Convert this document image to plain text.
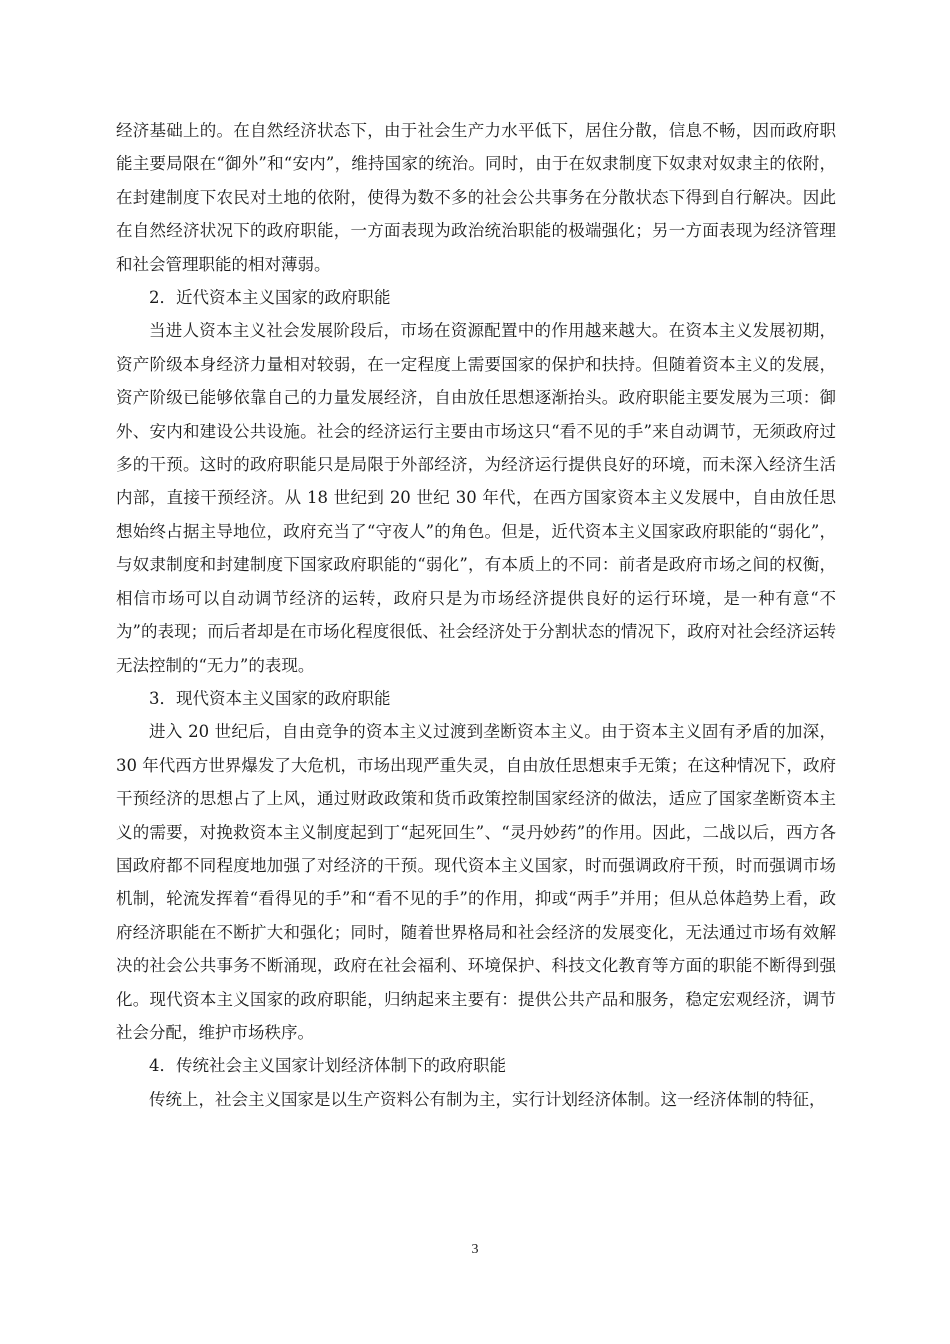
经济基础上的。在自然经济状态下，由于社会生产力水平低下，居住分散，信息不畅，因而政府职能主要局限在“御外”和“安内”，维持国家的统治。同时，由于在奴隶制度下奴隶对奴隶主的依附，在封建制度下农民对土地的依附，使得为数不多的社会公共事务在分散状态下得到自行解决。因此在自然经济状况下的政府职能，一方面表现为政治统治职能的极端强化；另一方面表现为经济管理和社会管理职能的相对薄弱。

2．近代资本主义国家的政府职能

当进人资本主义社会发展阶段后，市场在资源配置中的作用越来越大。在资本主义发展初期，资产阶级本身经济力量相对较弱，在一定程度上需要国家的保护和扶持。但随着资本主义的发展，资产阶级已能够依靠自己的力量发展经济，自由放任思想逐渐抬头。政府职能主要发展为三项：御外、安内和建设公共设施。社会的经济运行主要由市场这只“看不见的手”来自动调节，无须政府过多的干预。这时的政府职能只是局限于外部经济，为经济运行提供良好的环境，而未深入经济生活内部，直接干预经济。从 18 世纪到 20 世纪 30 年代，在西方国家资本主义发展中，自由放任思想始终占据主导地位，政府充当了“守夜人”的角色。但是，近代资本主义国家政府职能的“弱化”，与奴隶制度和封建制度下国家政府职能的“弱化”，有本质上的不同：前者是政府市场之间的权衡，相信市场可以自动调节经济的运转，政府只是为市场经济提供良好的运行环境，是一种有意“不为”的表现；而后者却是在市场化程度很低、社会经济处于分割状态的情况下，政府对社会经济运转无法控制的“无力”的表现。

3．现代资本主义国家的政府职能

进入 20 世纪后，自由竞争的资本主义过渡到垄断资本主义。由于资本主义固有矛盾的加深，30 年代西方世界爆发了大危机，市场出现严重失灵，自由放任思想束手无策；在这种情况下，政府干预经济的思想占了上风，通过财政政策和货币政策控制国家经济的做法，适应了国家垄断资本主义的需要，对挽救资本主义制度起到丁“起死回生”、“灵丹妙药”的作用。因此，二战以后，西方各国政府都不同程度地加强了对经济的干预。现代资本主义国家，时而强调政府干预，时而强调市场机制，轮流发挥着“看得见的手”和“看不见的手”的作用，抑或“两手”并用；但从总体趋势上看，政府经济职能在不断扩大和强化；同时，随着世界格局和社会经济的发展变化，无法通过市场有效解决的社会公共事务不断涌现，政府在社会福利、环境保护、科技文化教育等方面的职能不断得到强化。现代资本主义国家的政府职能，归纳起来主要有：提供公共产品和服务，稳定宏观经济，调节社会分配，维护市场秩序。

4．传统社会主义国家计划经济体制下的政府职能

传统上，社会主义国家是以生产资料公有制为主，实行计划经济体制。这一经济体制的特征，

3
